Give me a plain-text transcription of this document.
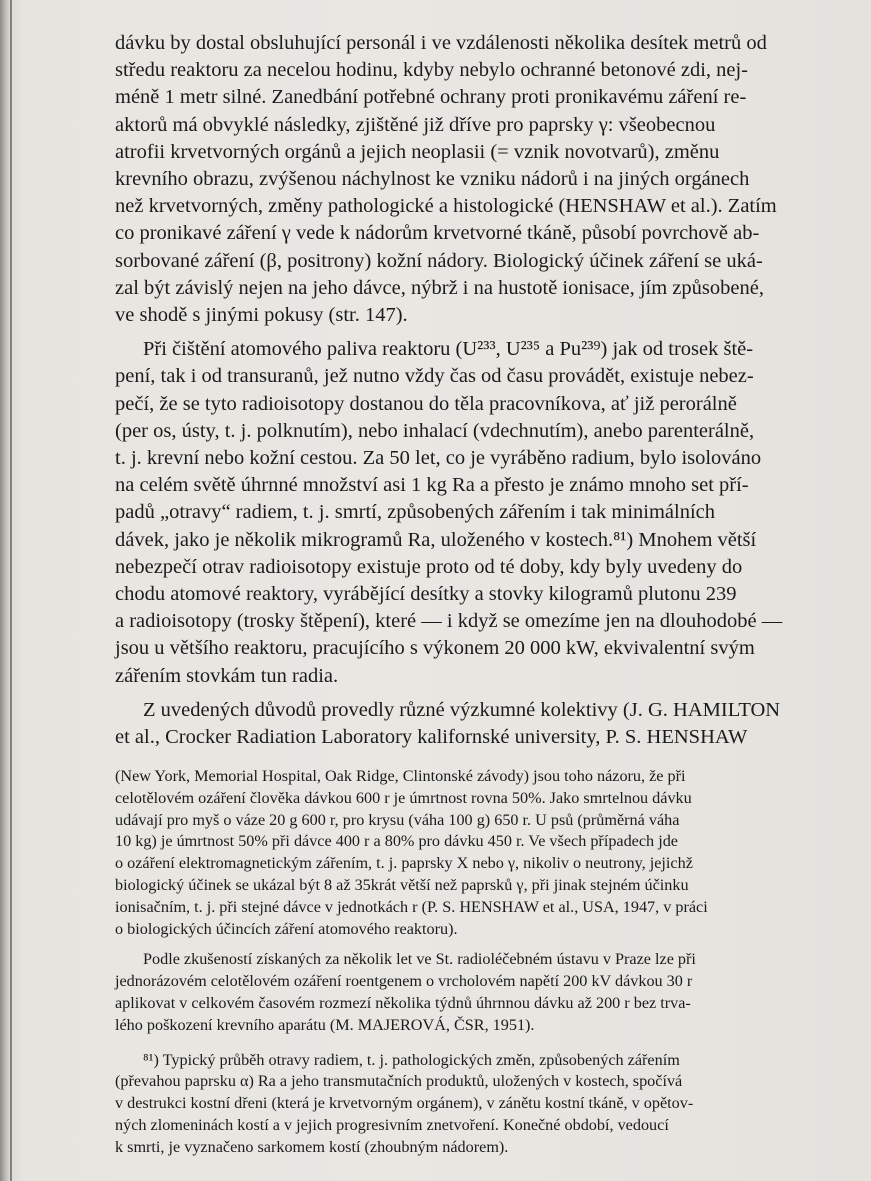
dávku by dostal obsluhující personál i ve vzdálenosti několika desítek metrů od
středu reaktoru za necelou hodinu, kdyby nebylo ochranné betonové zdi, nej-
méně 1 metr silné. Zanedbání potřebné ochrany proti pronikavému záření re-
aktorů má obvyklé následky, zjištěné již dříve pro paprsky γ: všeobecnou
atrofii krvetvorných orgánů a jejich neoplasii (= vznik novotvarů), změnu
krevního obrazu, zvýšenou náchylnost ke vzniku nádorů i na jiných orgánech
než krvetvorných, změny pathologické a histologické (HENSHAW et al.). Zatím
co pronikavé záření γ vede k nádorům krvetvorné tkáně, působí povrchově ab-
sorbované záření (β, positrony) kožní nádory. Biologický účinek záření se uká-
zal být závislý nejen na jeho dávce, nýbrž i na hustotě ionisace, jím způsobené,
ve shodě s jinými pokusy (str. 147).

Při čištění atomového paliva reaktoru (U²³³, U²³⁵ a Pu²³⁹) jak od trosek ště-
pení, tak i od transuranů, jež nutno vždy čas od času provádět, existuje nebez-
pečí, že se tyto radioisotopy dostanou do těla pracovníkova, ať již perorálně
(per os, ústy, t. j. polknutím), nebo inhalací (vdechnutím), anebo parenterálně,
t. j. krevní nebo kožní cestou. Za 50 let, co je vyráběno radium, bylo isolováno
na celém světě úhrnné množství asi 1 kg Ra a přesto je známo mnoho set pří-
padů „otravy“ radiem, t. j. smrtí, způsobených zářením i tak minimálních
dávek, jako je několik mikrogramů Ra, uloženého v kostech.⁸¹) Mnohem větší
nebezpečí otrav radioisotopy existuje proto od té doby, kdy byly uvedeny do
chodu atomové reaktory, vyrábějící desítky a stovky kilogramů plutonu 239
a radioisotopy (trosky štěpení), které — i když se omezíme jen na dlouhodobé —
jsou u většího reaktoru, pracujícího s výkonem 20 000 kW, ekvivalentní svým
zářením stovkám tun radia.

Z uvedených důvodů provedly různé výzkumné kolektivy (J. G. HAMILTON
et al., Crocker Radiation Laboratory kalifornské university, P. S. HENSHAW

(New York, Memorial Hospital, Oak Ridge, Clintonské závody) jsou toho názoru, že při
celotělovém ozáření člověka dávkou 600 r je úmrtnost rovna 50%. Jako smrtelnou dávku
udávají pro myš o váze 20 g 600 r, pro krysu (váha 100 g) 650 r. U psů (průměrná váha
10 kg) je úmrtnost 50% při dávce 400 r a 80% pro dávku 450 r. Ve všech případech jde
o ozáření elektromagnetickým zářením, t. j. paprsky X nebo γ, nikoliv o neutrony, jejichž
biologický účinek se ukázal být 8 až 35krát větší než paprsků γ, při jinak stejném účinku
ionisačním, t. j. při stejné dávce v jednotkách r (P. S. HENSHAW et al., USA, 1947, v práci
o biologických účincích záření atomového reaktoru).

Podle zkušeností získaných za několik let ve St. radioléčebném ústavu v Praze lze při
jednorázovém celotělovém ozáření roentgenem o vrcholovém napětí 200 kV dávkou 30 r
aplikovat v celkovém časovém rozmezí několika týdnů úhrnnou dávku až 200 r bez trva-
lého poškození krevního aparátu (M. MAJEROVÁ, ČSR, 1951).

⁸¹) Typický průběh otravy radiem, t. j. pathologických změn, způsobených zářením
(převahou paprsku α) Ra a jeho transmutačních produktů, uložených v kostech, spočívá
v destrukci kostní dřeni (která je krvetvorným orgánem), v zánětu kostní tkáně, v opětov-
ných zlomeninách kostí a v jejich progresivním znetvoření. Konečné období, vedoucí
k smrti, je vyznačeno sarkomem kostí (zhoubným nádorem).
